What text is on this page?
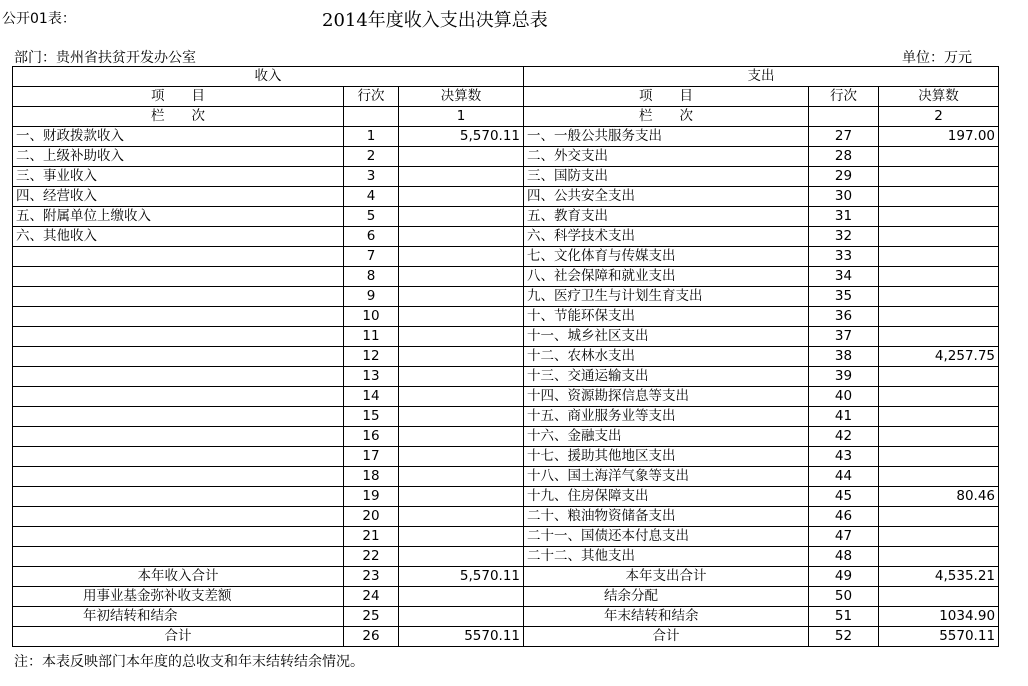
公开01表：	2014年度收入支出决算总表
部门：贵州省扶贫开发办公室	单位：万元
收入			支出		
项　　目	行次	决算数	项　　目	行次	决算数
栏　　次		1	栏　　次		2
一、财政拨款收入	1	5,570.11	一、一般公共服务支出	27	197.00
二、上级补助收入	2		二、外交支出	28	
三、事业收入	3		三、国防支出	29	
四、经营收入	4		四、公共安全支出	30	
五、附属单位上缴收入	5		五、教育支出	31	
六、其他收入	6		六、科学技术支出	32	
	7		七、文化体育与传媒支出	33	
	8		八、社会保障和就业支出	34	
	9		九、医疗卫生与计划生育支出	35	
	10		十、节能环保支出	36	
	11		十一、城乡社区支出	37	
	12		十二、农林水支出	38	4,257.75
	13		十三、交通运输支出	39	
	14		十四、资源勘探信息等支出	40	
	15		十五、商业服务业等支出	41	
	16		十六、金融支出	42	
	17		十七、援助其他地区支出	43	
	18		十八、国土海洋气象等支出	44	
	19		十九、住房保障支出	45	80.46
	20		二十、粮油物资储备支出	46	
	21		二十一、国债还本付息支出	47	
	22		二十二、其他支出	48	
本年收入合计	23	5,570.11	本年支出合计	49	4,535.21
用事业基金弥补收支差额	24		结余分配	50	
年初结转和结余	25		年末结转和结余	51	1034.90
合计	26	5570.11	合计	52	5570.11
注：本表反映部门本年度的总收支和年末结转结余情况。
